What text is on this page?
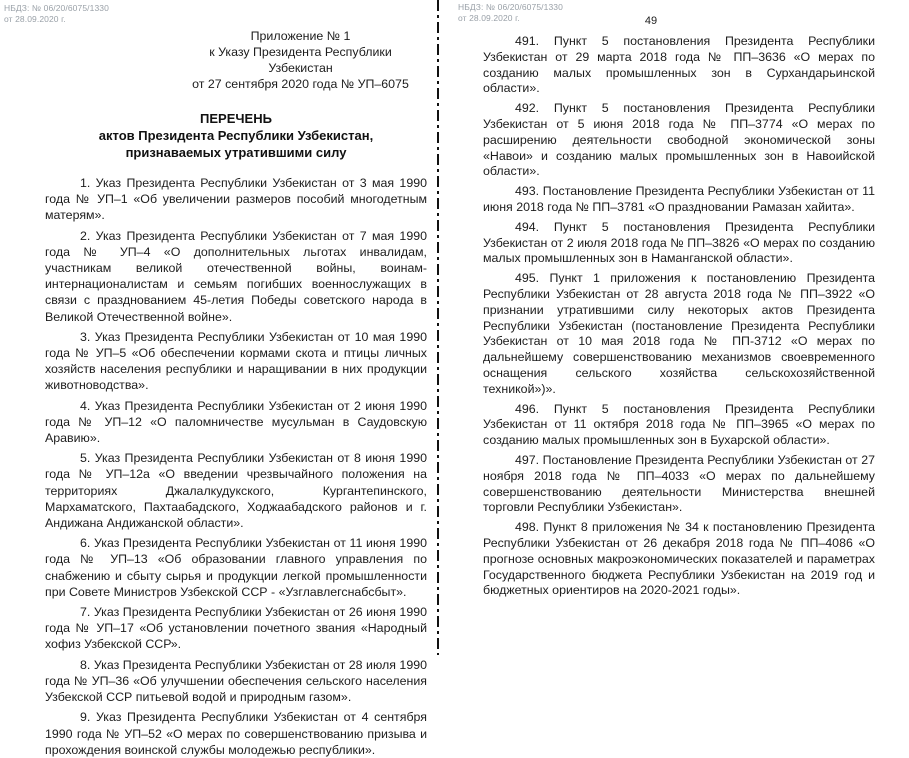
НБДЗ: № 06/20/6075/1330
от 28.09.2020 г.
Приложение № 1
к Указу Президента Республики Узбекистан
от 27 сентября 2020 года № УП–6075
ПЕРЕЧЕНЬ
актов Президента Республики Узбекистан,
признаваемых утратившими силу

1. Указ Президента Республики Узбекистан от 3 мая 1990 года № УП–1 «Об увеличении размеров пособий многодетным матерям».

2. Указ Президента Республики Узбекистан от 7 мая 1990 года № УП–4 «О дополнительных льготах инвалидам, участникам великой отечественной войны, воинам-интернационалистам и семьям погибших военнослужащих в связи с празднованием 45-летия Победы советского народа в Великой Отечественной войне».

3. Указ Президента Республики Узбекистан от 10 мая 1990 года № УП–5 «Об обеспечении кормами скота и птицы личных хозяйств населения республики и наращивании в них продукции животноводства».

4. Указ Президента Республики Узбекистан от 2 июня 1990 года № УП–12 «О паломничестве мусульман в Саудовскую Аравию».

5. Указ Президента Республики Узбекистан от 8 июня 1990 года № УП–12а «О введении чрезвычайного положения на территориях Джалалкудукского, Кургантепинского, Мархаматского, Пахтаабадского, Ходжаабадского районов и г. Андижана Андижанской области».

6. Указ Президента Республики Узбекистан от 11 июня 1990 года № УП–13 «Об образовании главного управления по снабжению и сбыту сырья и продукции легкой промышленности при Совете Министров Узбекской ССР - «Узглавлегснабсбыт».

7. Указ Президента Республики Узбекистан от 26 июня 1990 года № УП–17 «Об установлении почетного звания «Народный хофиз Узбекской ССР».

8. Указ Президента Республики Узбекистан от 28 июля 1990 года № УП–36 «Об улучшении обеспечения сельского населения Узбекской ССР питьевой водой и природным газом».

9. Указ Президента Республики Узбекистан от 4 сентября 1990 года № УП–52 «О мерах по совершенствованию призыва и прохождения воинской службы молодежью республики».

НБДЗ: № 06/20/6075/1330
от 28.09.2020 г.	49

491. Пункт 5 постановления Президента Республики Узбекистан от 29 марта 2018 года № ПП–3636 «О мерах по созданию малых промышленных зон в Сурхандарьинской области».

492. Пункт 5 постановления Президента Республики Узбекистан от 5 июня 2018 года № ПП–3774 «О мерах по расширению деятельности свободной экономической зоны «Навои» и созданию малых промышленных зон в Навоийской области».

493. Постановление Президента Республики Узбекистан от 11 июня 2018 года № ПП–3781 «О праздновании Рамазан хайита».

494. Пункт 5 постановления Президента Республики Узбекистан от 2 июля 2018 года № ПП–3826 «О мерах по созданию малых промышленных зон в Наманганской области».

495. Пункт 1 приложения к постановлению Президента Республики Узбекистан от 28 августа 2018 года № ПП–3922 «О признании утратившими силу некоторых актов Президента Республики Узбекистан (постановление Президента Республики Узбекистан от 10 мая 2018 года № ПП-3712 «О мерах по дальнейшему совершенствованию механизмов своевременного оснащения сельского хозяйства сельскохозяйственной техникой»)».

496. Пункт 5 постановления Президента Республики Узбекистан от 11 октября 2018 года № ПП–3965 «О мерах по созданию малых промышленных зон в Бухарской области».

497. Постановление Президента Республики Узбекистан от 27 ноября 2018 года № ПП–4033 «О мерах по дальнейшему совершенствованию деятельности Министерства внешней торговли Республики Узбекистан».

498. Пункт 8 приложения № 34 к постановлению Президента Республики Узбекистан от 26 декабря 2018 года № ПП–4086 «О прогнозе основных макроэкономических показателей и параметрах Государственного бюджета Республики Узбекистан на 2019 год и бюджетных ориентиров на 2020-2021 годы».
